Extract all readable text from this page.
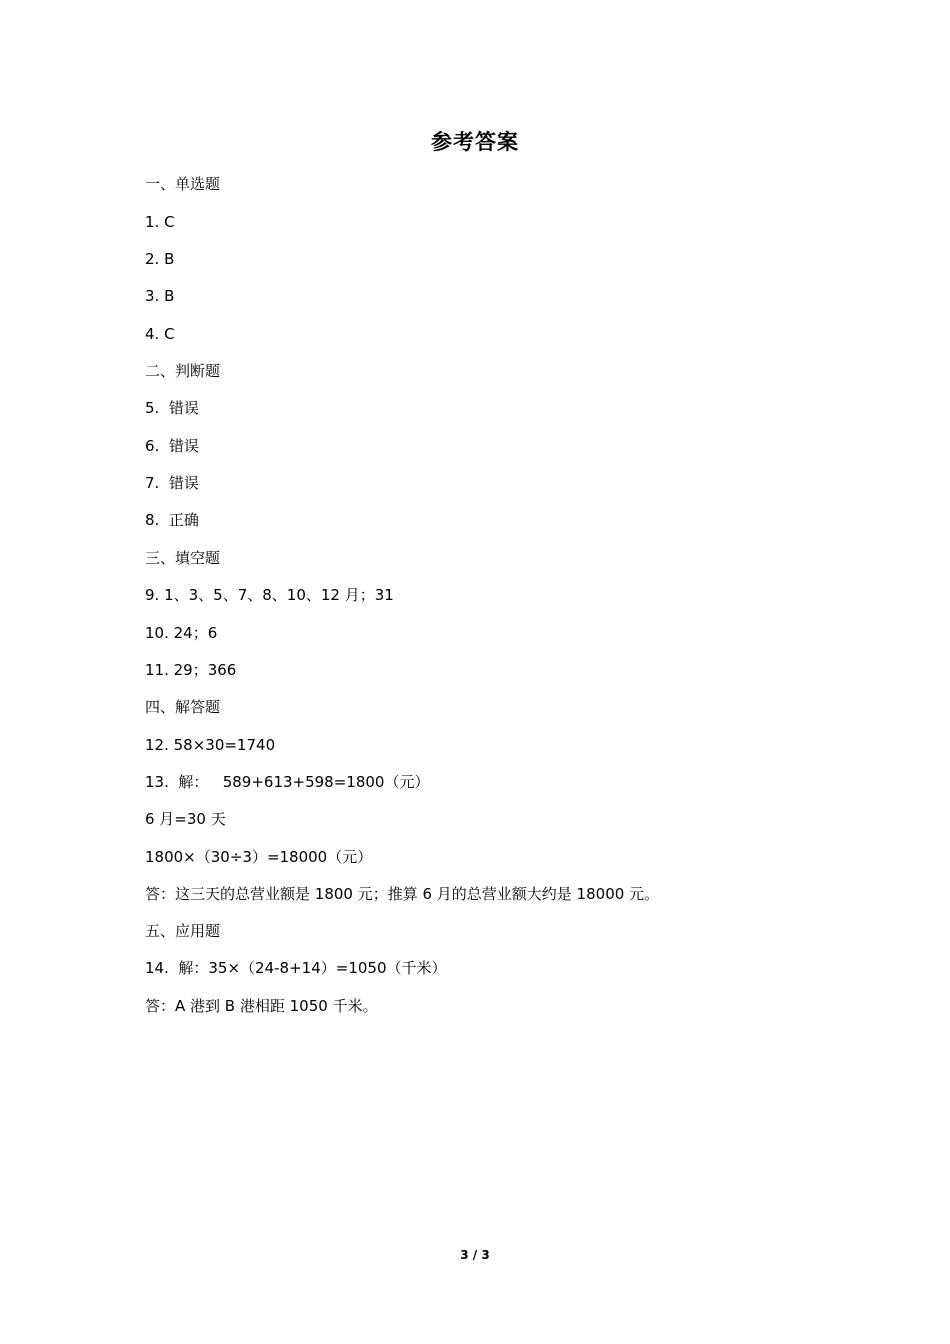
参考答案
一、单选题
1. C
2. B
3. B
4. C
二、判断题
5.  错误
6.  错误
7.  错误
8.  正确
三、填空题
9. 1、3、5、7、8、10、12 月；31
10. 24；6
11. 29；366
四、解答题
12. 58×30=1740
13.  解：   589+613+598=1800（元）
6 月=30 天
1800×（30÷3）=18000（元）
答：这三天的总营业额是 1800 元；推算 6 月的总营业额大约是 18000 元。
五、应用题
14.  解：35×（24-8+14）=1050（千米）
答：A 港到 B 港相距 1050 千米。
3 / 3
